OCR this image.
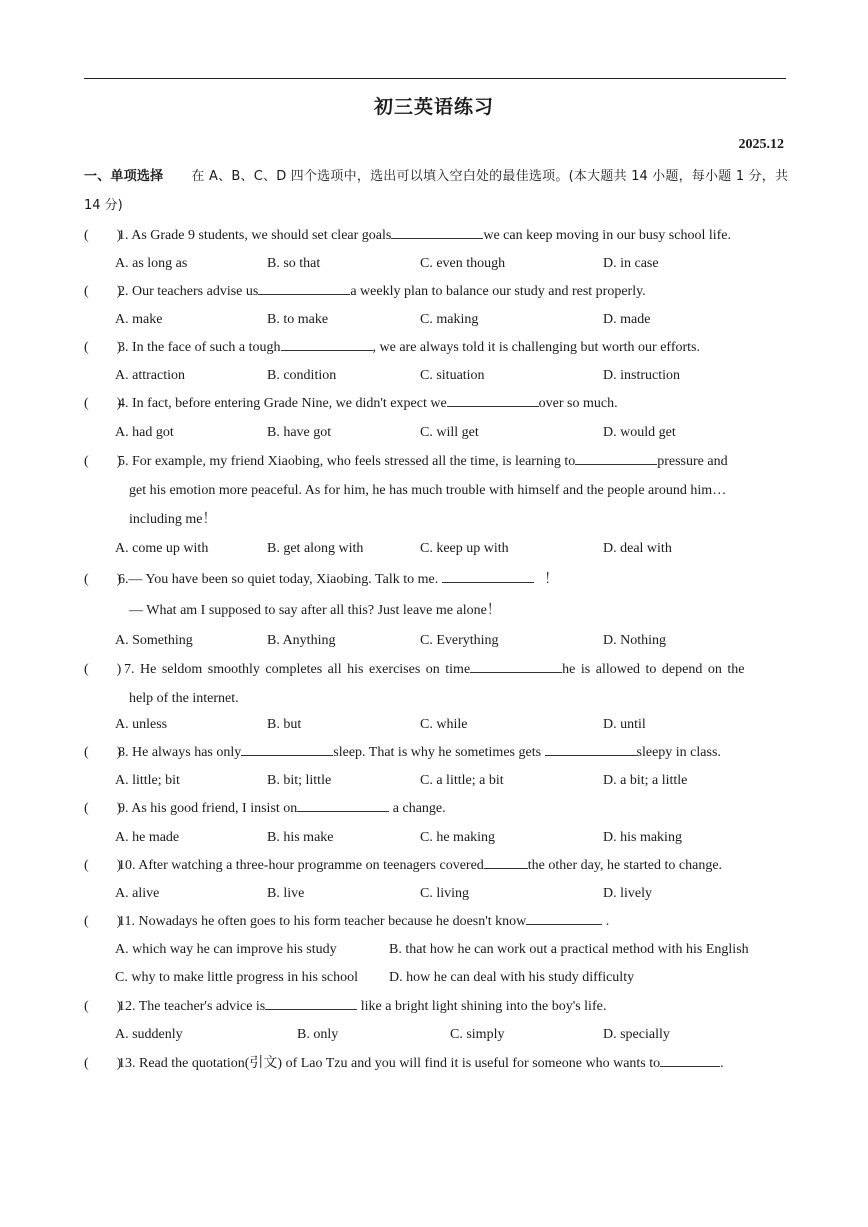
初三英语练习
2025.12
一、单项选择 在 A、B、C、D 四个选项中，选出可以填入空白处的最佳选项。(本大题共 14 小题，每小题 1 分，共 14 分)
(　　)
1. As Grade 9 students, we should set clear goals	we can keep moving in our busy school life.
A. as long as	B. so that	C. even though	D. in case
(　　)
2. Our teachers advise us	a weekly plan to balance our study and rest properly.
A. make	B. to make	C. making	D. made
(　　)
3. In the face of such a tough	, we are always told it is challenging but worth our efforts.
A. attraction	B. condition	C. situation	D. instruction
(　　)
4. In fact, before entering Grade Nine, we didn't expect we	over so much.
A. had got	B. have got	C. will get	D. would get
(　　)
5. For example, my friend Xiaobing, who feels stressed all the time, is learning to	pressure and
get his emotion more peaceful. As for him, he has much trouble with himself and the people around him…
including me！
A. come up with	B. get along with	C. keep up with	D. deal with
(　　)
6.— You have been so quiet today, Xiaobing. Talk to me.	！
— What am I supposed to say after all this? Just leave me alone！
A. Something	B. Anything	C. Everything	D. Nothing
(　　) 7. He seldom smoothly completes all his exercises on time	he is allowed to depend on the
help of the internet.
A. unless	B. but	C. while	D. until
(　　)
8. He always has only	sleep. That is why he sometimes gets	sleepy in class.
A. little; bit	B. bit; little	C. a little; a bit	D. a bit; a little
(　　)
9. As his good friend, I insist on	a change.
A. he made	B. his make	C. he making	D. his making
(　　)
10. After watching a three-hour programme on teenagers covered	the other day, he started to change.
A. alive	B. live	C. living	D. lively
(　　)
11. Nowadays he often goes to his form teacher because he doesn't know	.
A. which way he can improve his study	B. that how he can work out a practical method with his English
C. why to make little progress in his school D. how he can deal with his study difficulty
(　　)
12. The teacher's advice is	like a bright light shining into the boy's life.
A. suddenly	B. only	C. simply	D. specially
(　　)
13. Read the quotation(引文) of Lao Tzu and you will find it is useful for someone who wants to	.
